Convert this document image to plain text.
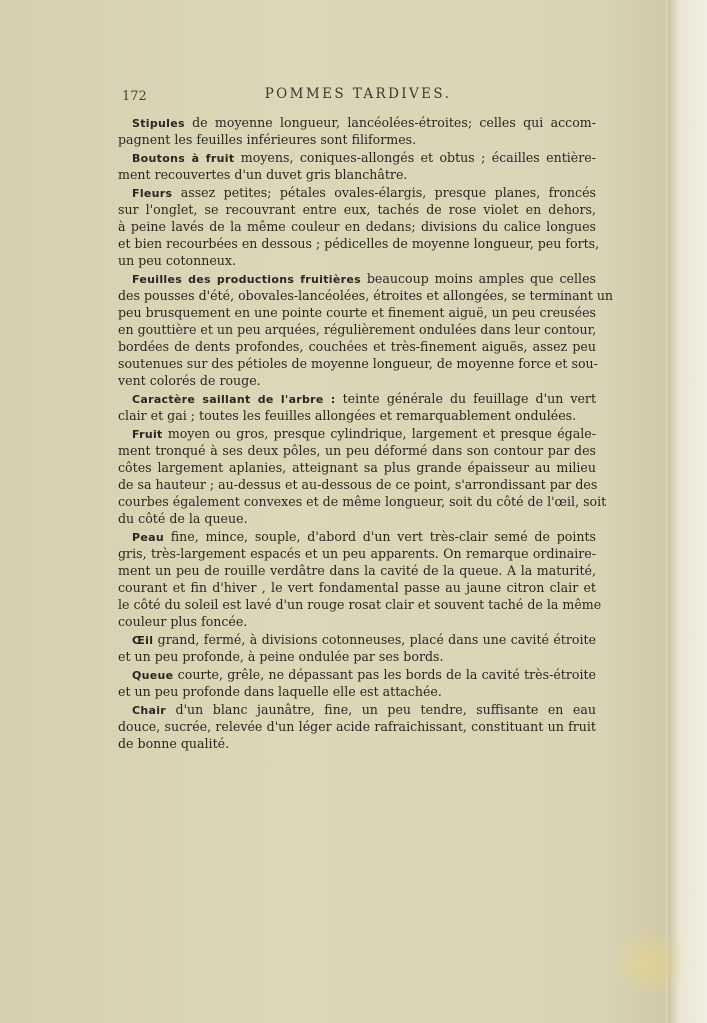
172	POMMES TARDIVES.
Stipules de moyenne longueur, lancéolées-étroites; celles qui accom-
pagnent les feuilles inférieures sont filiformes.
Boutons à fruit moyens, coniques-allongés et obtus ; écailles entière-
ment recouvertes d'un duvet gris blanchâtre.
Fleurs assez petites; pétales ovales-élargis, presque planes, froncés
sur l'onglet, se recouvrant entre eux, tachés de rose violet en dehors,
à peine lavés de la même couleur en dedans; divisions du calice longues
et bien recourbées en dessous ; pédicelles de moyenne longueur, peu forts,
un peu cotonneux.
Feuilles des productions fruitières beaucoup moins amples que celles
des pousses d'été, obovales-lancéolées, étroites et allongées, se terminant un
peu brusquement en une pointe courte et finement aiguë, un peu creusées
en gouttière et un peu arquées, régulièrement ondulées dans leur contour,
bordées de dents profondes, couchées et très-finement aiguës, assez peu
soutenues sur des pétioles de moyenne longueur, de moyenne force et sou-
vent colorés de rouge.
Caractère saillant de l'arbre : teinte générale du feuillage d'un vert
clair et gai ; toutes les feuilles allongées et remarquablement ondulées.
Fruit moyen ou gros, presque cylindrique, largement et presque égale-
ment tronqué à ses deux pôles, un peu déformé dans son contour par des
côtes largement aplanies, atteignant sa plus grande épaisseur au milieu
de sa hauteur ; au-dessus et au-dessous de ce point, s'arrondissant par des
courbes également convexes et de même longueur, soit du côté de l'œil, soit
du côté de la queue.
Peau fine, mince, souple, d'abord d'un vert très-clair semé de points
gris, très-largement espacés et un peu apparents. On remarque ordinaire-
ment un peu de rouille verdâtre dans la cavité de la queue. A la maturité,
courant et fin d'hiver , le vert fondamental passe au jaune citron clair et
le côté du soleil est lavé d'un rouge rosat clair et souvent taché de la même
couleur plus foncée.
Œil grand, fermé, à divisions cotonneuses, placé dans une cavité étroite
et un peu profonde, à peine ondulée par ses bords.
Queue courte, grêle, ne dépassant pas les bords de la cavité très-étroite
et un peu profonde dans laquelle elle est attachée.
Chair d'un blanc jaunâtre, fine, un peu tendre, suffisante en eau
douce, sucrée, relevée d'un léger acide rafraichissant, constituant un fruit
de bonne qualité.
